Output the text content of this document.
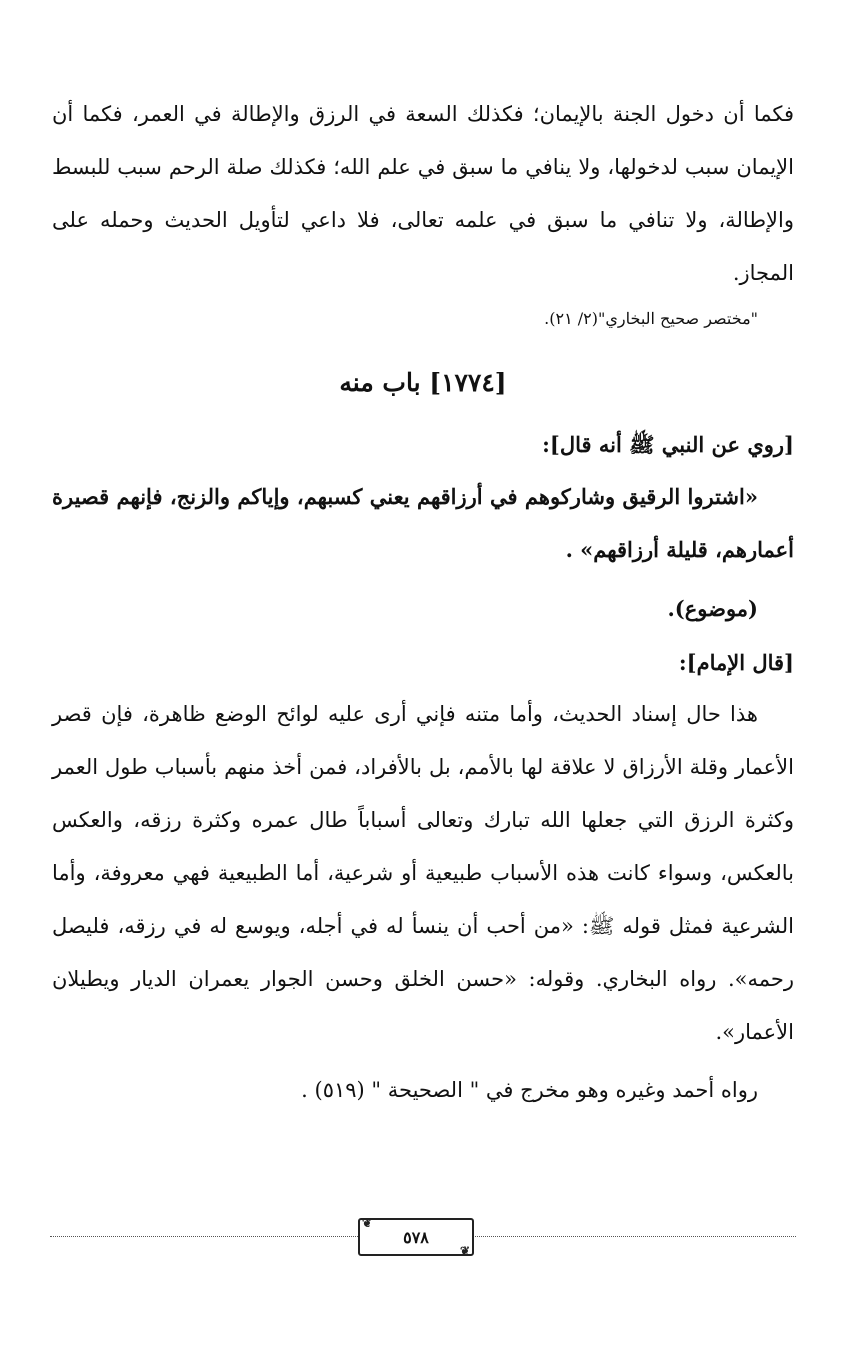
فكما أن دخول الجنة بالإيمان؛ فكذلك السعة في الرزق والإطالة في العمر، فكما أن الإيمان سبب لدخولها، ولا ينافي ما سبق في علم الله؛ فكذلك صلة الرحم سبب للبسط والإطالة، ولا تنافي ما سبق في علمه تعالى، فلا داعي لتأويل الحديث وحمله على المجاز.

"مختصر صحيح البخاري"(٢/ ٢١).

[١٧٧٤] باب منه

[روي عن النبي ﷺ أنه قال]:

«اشتروا الرقيق وشاركوهم في أرزاقهم يعني كسبهم، وإياكم والزنج، فإنهم قصيرة أعمارهم، قليلة أرزاقهم» .

(موضوع).

[قال الإمام]:

هذا حال إسناد الحديث، وأما متنه فإني أرى عليه لوائح الوضع ظاهرة، فإن قصر الأعمار وقلة الأرزاق لا علاقة لها بالأمم، بل بالأفراد، فمن أخذ منهم بأسباب طول العمر وكثرة الرزق التي جعلها الله تبارك وتعالى أسباباً طال عمره وكثرة رزقه، والعكس بالعكس، وسواء كانت هذه الأسباب طبيعية أو شرعية، أما الطبيعية فهي معروفة، وأما الشرعية فمثل قوله ﷺ: «من أحب أن ينسأ له في أجله، ويوسع له في رزقه، فليصل رحمه». رواه البخاري. وقوله: «حسن الخلق وحسن الجوار يعمران الديار ويطيلان الأعمار».

رواه أحمد وغيره وهو مخرج في " الصحيحة " (٥١٩) .

❦
٥٧٨
❦
